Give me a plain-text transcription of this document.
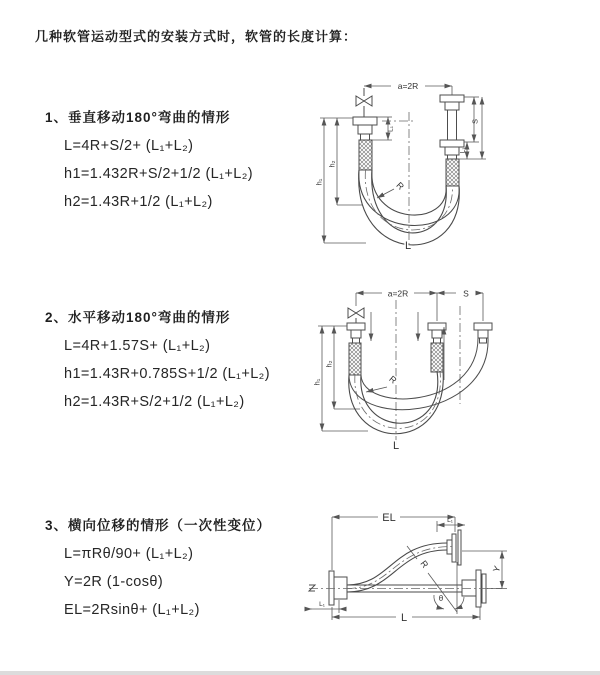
几种软管运动型式的安装方式时，软管的长度计算：
1、垂直移动180°弯曲的情形
L=4R+S/2+ (L₁+L₂)
h1=1.432R+S/2+1/2 (L₁+L₂)
h2=1.43R+1/2 (L₁+L₂)
2、水平移动180°弯曲的情形
L=4R+1.57S+ (L₁+L₂)
h1=1.43R+0.785S+1/2 (L₁+L₂)
h2=1.43R+S/2+1/2 (L₁+L₂)
3、横向位移的情形（一次性变位）
L=πRθ/90+ (L₁+L₂)
Y=2R (1-cosθ)
EL=2Rsinθ+ (L₁+L₂)
a=2R
S
L₁
h₁
h₂
L₁
R
L
a=2R	S
h₁
h₂
R
L
EL	L₁
Y
R
θ
L
L₁
